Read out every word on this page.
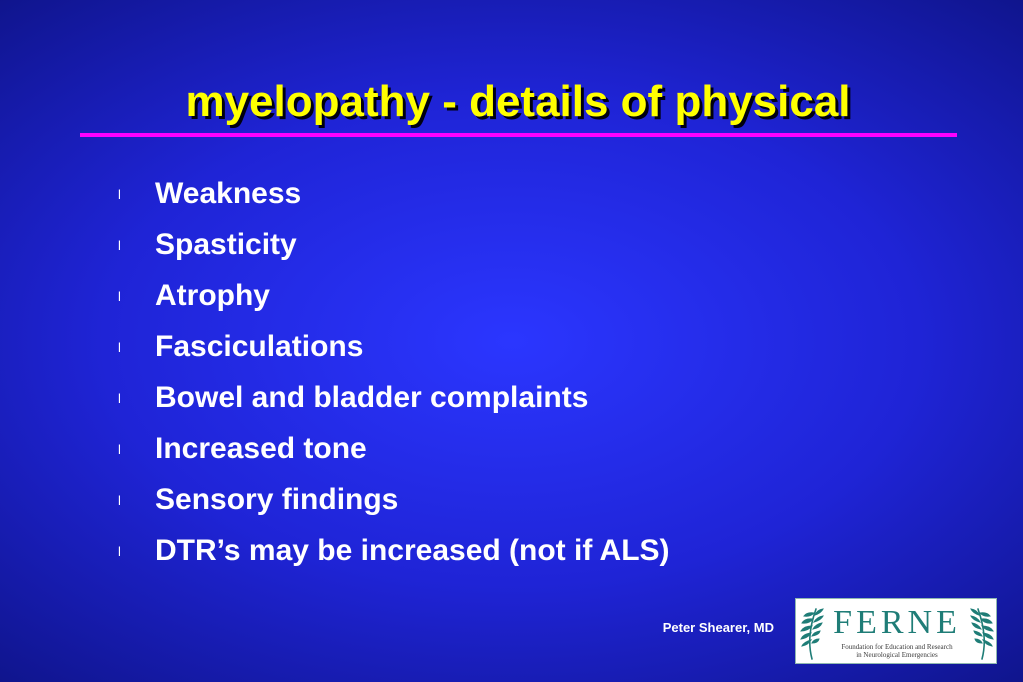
myelopathy - details of physical
l	Weakness
l	Spasticity
l	Atrophy
l	Fasciculations
l	Bowel and bladder complaints
l	Increased tone
l	Sensory findings
l	DTR’s may be increased (not if ALS)
Peter Shearer, MD FERNE
Foundation for Education and Research
in Neurological Emergencies
